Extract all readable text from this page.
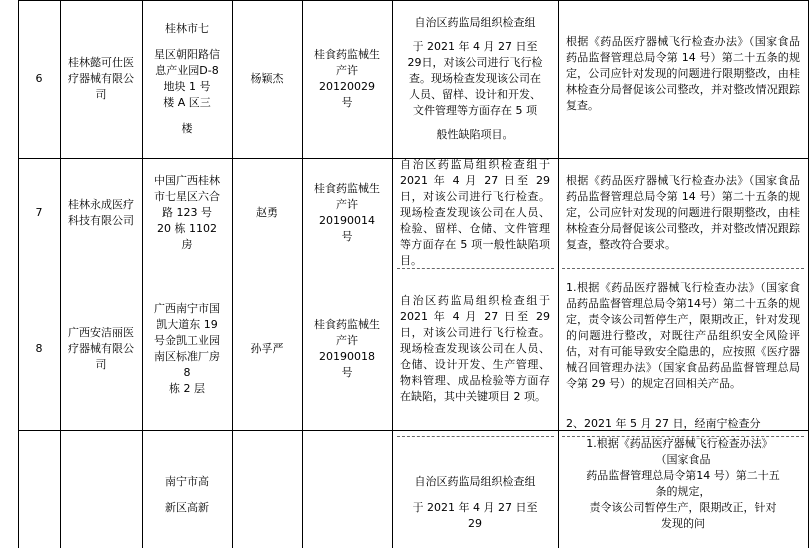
6
桂林懿可仕医疗器械有限公司
桂林市七
星区朝阳路信
息产业园D-8
地块 1 号
楼 A 区三
楼
杨颖杰
桂食药监械生
产许
20120029
号
自治区药监局组织检查组
于 2021 年 4 月 27 日至
29日，对该公司进行飞行检
查。现场检查发现该公司在
人员、留样、设计和开发、
文件管理等方面存在 5 项
般性缺陷项目。
根据《药品医疗器械飞行检查办法》（国家食品药品监督管理总局令第 14 号）第二十五条的规定，公司应针对发现的问题进行限期整改，由桂林检查分局督促该公司整改，并对整改情况跟踪复查。
7
桂林永成医疗科技有限公司
中国广西桂林
市七星区六合
路 123 号
20 栋 1102
房
赵勇
桂食药监械生
产许
20190014
号
自治区药监局组织检查组于 2021 年 4 月 27 日至 29 日，对该公司进行飞行检查。现场检查发现该公司在人员、检验、留样、仓储、文件管理等方面存在 5 项一般性缺陷项目。
根据《药品医疗器械飞行检查办法》（国家食品药品监督管理总局令第 14 号）第二十五条的规定，公司应针对发现的问题进行限期整改，由桂林检查分局督促该公司整改，并对整改情况跟踪复查，整改符合要求。
8
广西安洁丽医疗器械有限公司
广西南宁市国
凯大道东 19
号金凯工业园
南区标准厂房
8
栋 2 层
孙孚严
桂食药监械生
产许
20190018
号
自治区药监局组织检查组于 2021 年 4 月 27 日至 29 日，对该公司进行飞行检查。现场检查发现该公司在人员、仓储、设计开发、生产管理、物料管理、成品检验等方面存在缺陷，其中关键项目 2 项。
1.根据《药品医疗器械飞行检查办法》（国家食品药品监督管理总局令第14号）第二十五条的规定，责令该公司暂停生产，限期改正，针对发现的问题进行整改，对既往产品组织安全风险评估，对有可能导致安全隐患的，应按照《医疗器械召回管理办法》（国家食品药品监督管理总局令第 29 号）的规定召回相关产品。
2、2021 年 5 月 27 日，经南宁检查分
南宁市高
新区高新
自治区药监局组织检查组
于 2021 年 4 月 27 日至
29
1.根据《药品医疗器械飞行检查办法》
（国家食品
药品监督管理总局令第14 号）第二十五
条的规定，
责令该公司暂停生产，限期改正，针对
发现的问
